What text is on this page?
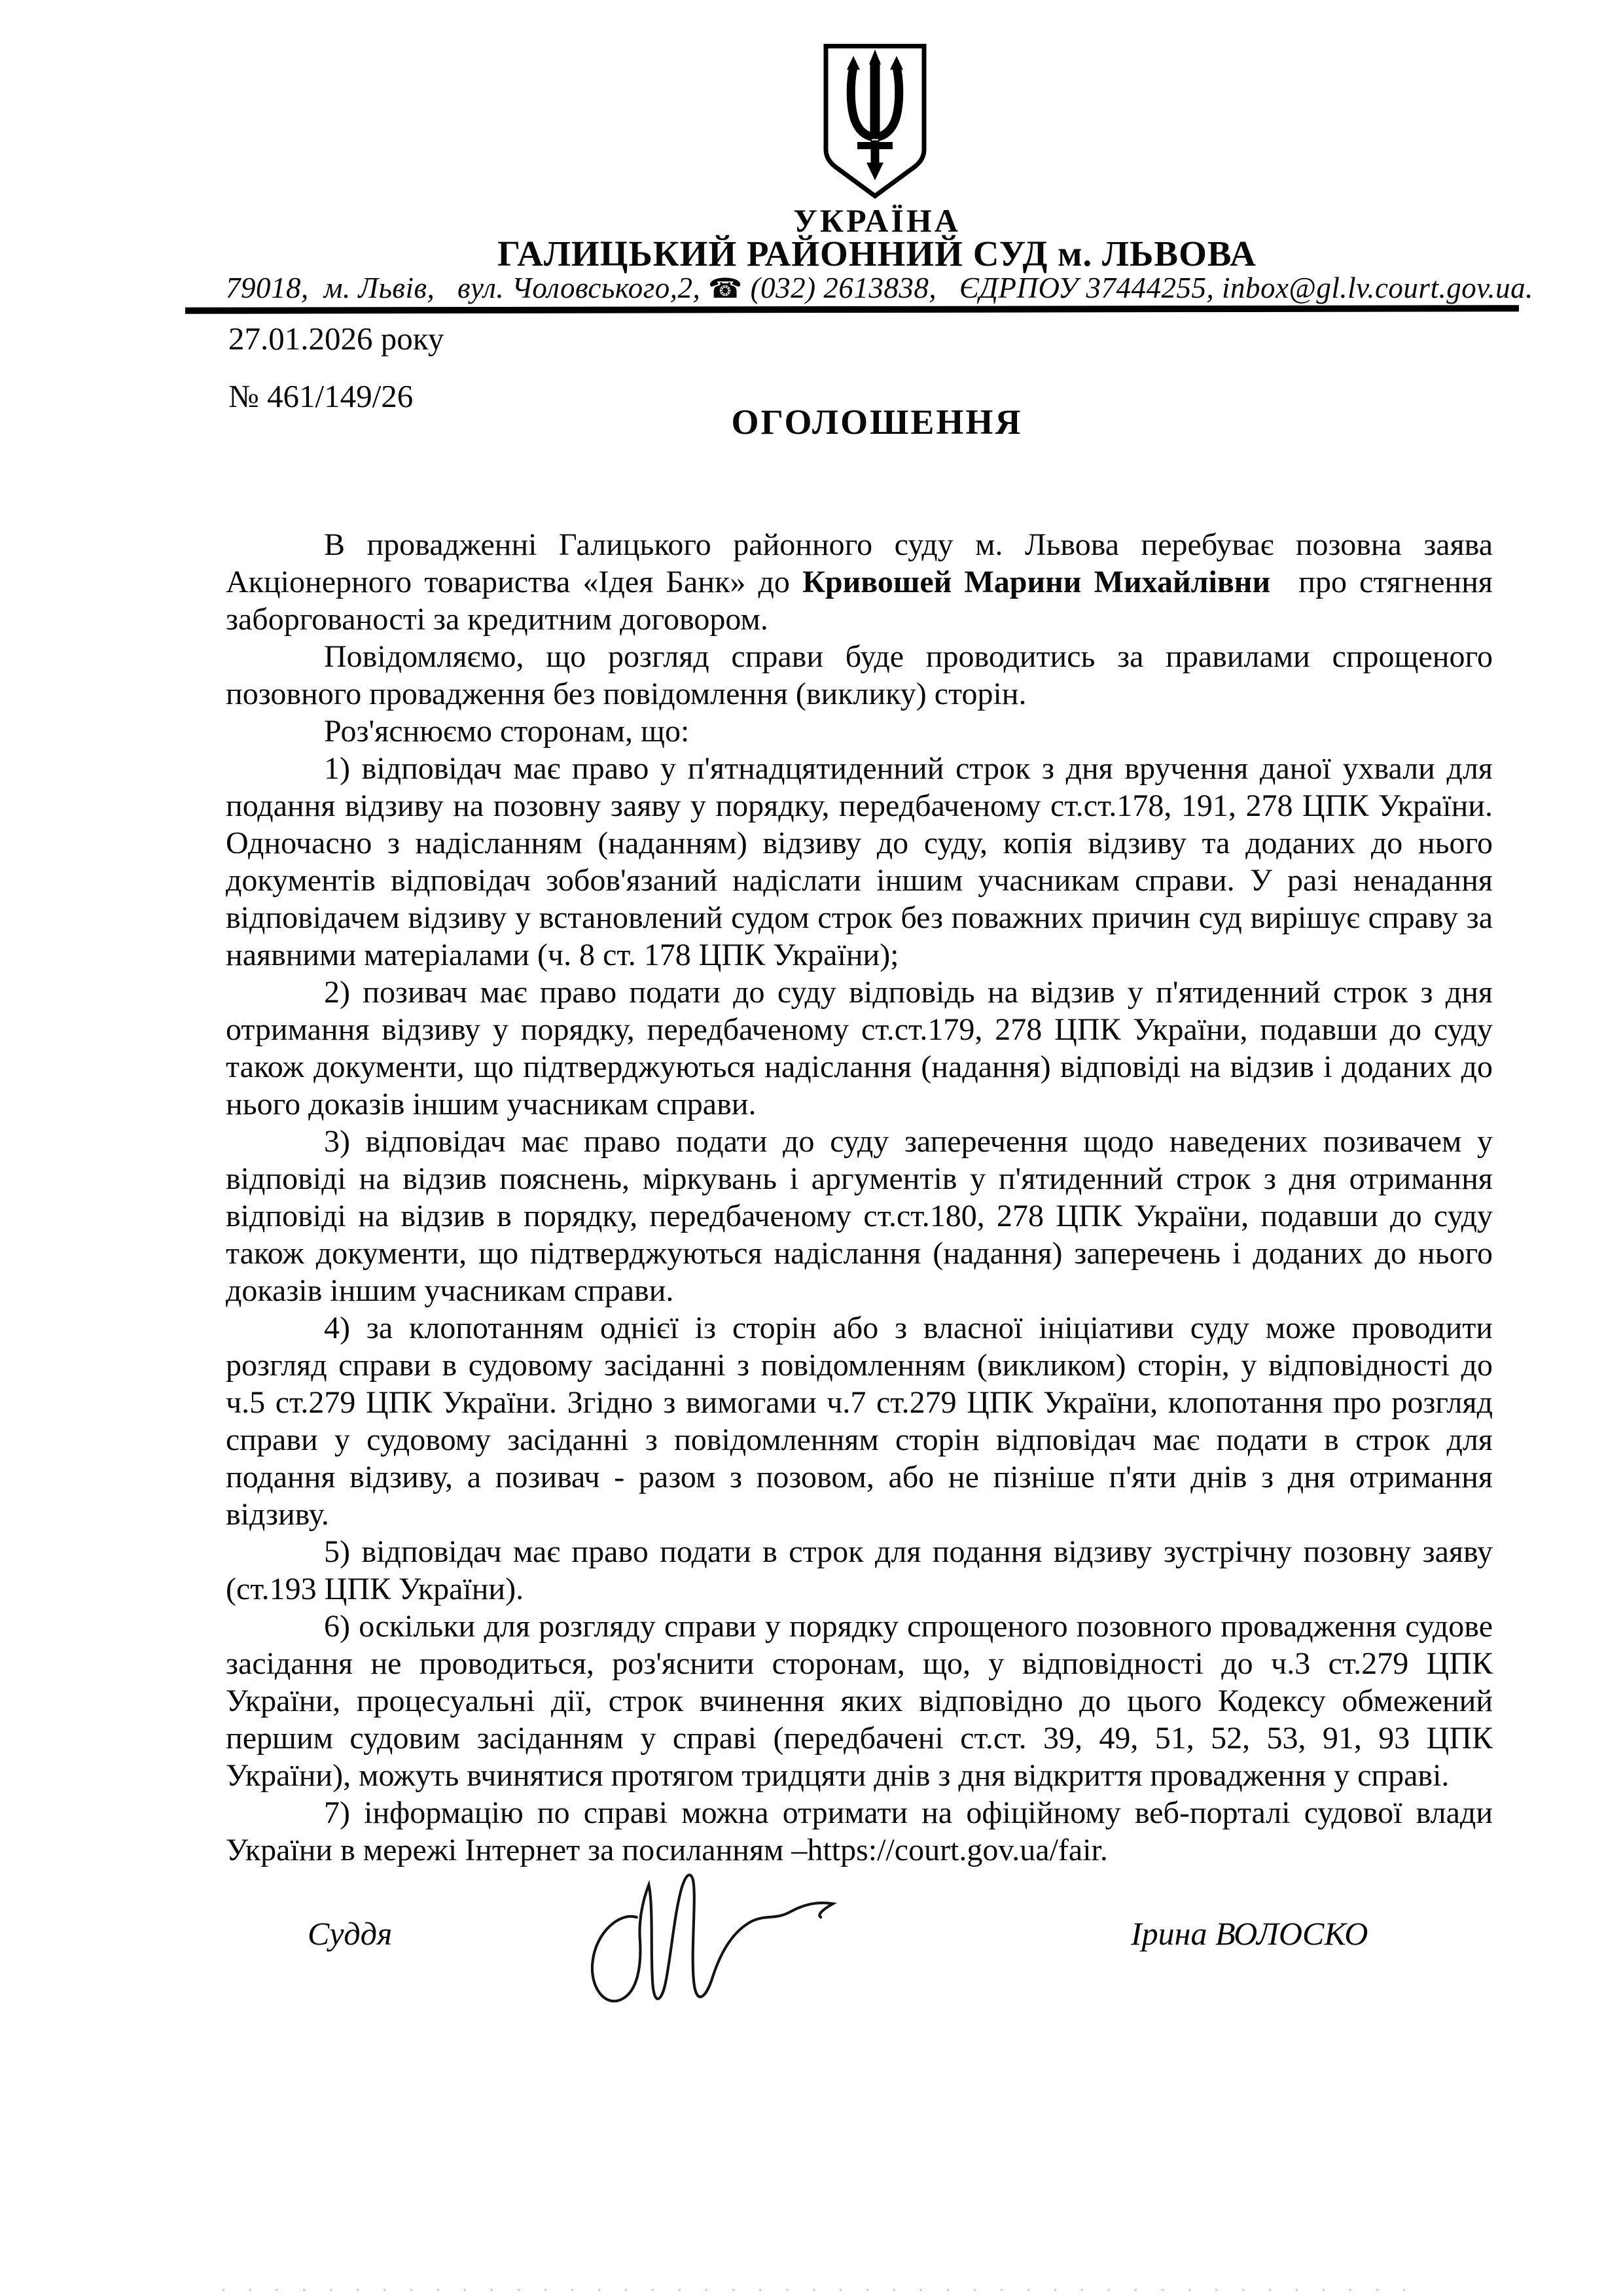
УКРАЇНА
ГАЛИЦЬКИЙ РАЙОННИЙ СУД м. ЛЬВОВА
79018, м. Львів,  вул. Чоловського,2, ☎ (032) 2613838,  ЄДРПОУ 37444255, inbox@gl.lv.court.gov.ua.
27.01.2026 року
№ 461/149/26
ОГОЛОШЕННЯ

В провадженні Галицького районного суду м. Львова перебуває позовна заява Акціонерного товариства «Ідея Банк» до Кривошей Марини Михайлівни  про стягнення заборгованості за кредитним договором.

Повідомляємо, що розгляд справи буде проводитись за правилами спрощеного позовного провадження без повідомлення (виклику) сторін.

Роз'яснюємо сторонам, що:

1) відповідач має право у п'ятнадцятиденний строк з дня вручення даної ухвали для подання відзиву на позовну заяву у порядку, передбаченому ст.ст.178, 191, 278 ЦПК України. Одночасно з надісланням (наданням) відзиву до суду, копія відзиву та доданих до нього документів відповідач зобов'язаний надіслати іншим учасникам справи. У разі ненадання відповідачем відзиву у встановлений судом строк без поважних причин суд вирішує справу за наявними матеріалами (ч. 8 ст. 178 ЦПК України);

2) позивач має право подати до суду відповідь на відзив у п'ятиденний строк з дня отримання відзиву у порядку, передбаченому ст.ст.179, 278 ЦПК України, подавши до суду також документи, що підтверджуються надіслання (надання) відповіді на відзив і доданих до нього доказів іншим учасникам справи.

3) відповідач має право подати до суду заперечення щодо наведених позивачем у відповіді на відзив пояснень, міркувань і аргументів у п'ятиденний строк з дня отримання відповіді на відзив в порядку, передбаченому ст.ст.180, 278 ЦПК України, подавши до суду також документи, що підтверджуються надіслання (надання) заперечень і доданих до нього доказів іншим учасникам справи.

4) за клопотанням однієї із сторін або з власної ініціативи суду може проводити розгляд справи в судовому засіданні з повідомленням (викликом) сторін, у відповідності до ч.5 ст.279 ЦПК України. Згідно з вимогами ч.7 ст.279 ЦПК України, клопотання про розгляд справи у судовому засіданні з повідомленням сторін відповідач має подати в строк для подання відзиву, а позивач - разом з позовом, або не пізніше п'яти днів з дня отримання відзиву.

5) відповідач має право подати в строк для подання відзиву зустрічну позовну заяву (ст.193 ЦПК України).

6) оскільки для розгляду справи у порядку спрощеного позовного провадження судове засідання не проводиться, роз'яснити сторонам, що, у відповідності до ч.3 ст.279 ЦПК України, процесуальні дії, строк вчинення яких відповідно до цього Кодексу обмежений першим судовим засіданням у справі (передбачені ст.ст. 39, 49, 51, 52, 53, 91, 93 ЦПК України), можуть вчинятися протягом тридцяти днів з дня відкриття провадження у справі.

7) інформацію по справі можна отримати на офіційному веб-порталі судової влади України в мережі Інтернет за посиланням –https://court.gov.ua/fair.

Суддя	Ірина ВОЛОСКО
